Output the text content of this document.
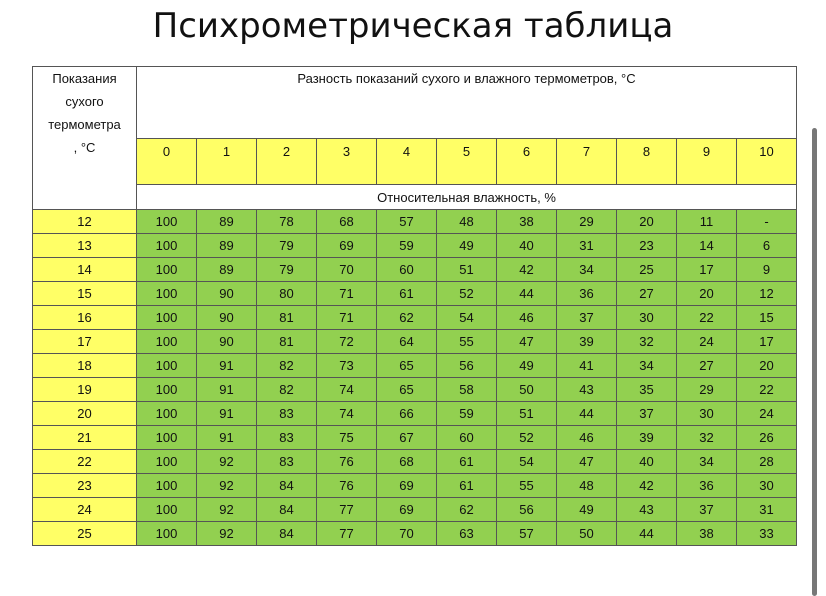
Психрометрическая таблица
Показания
сухого
термометра
, °C	Разность показаний сухого и влажного термометров, °C										
	0	1	2	3	4	5	6	7	8	9	10
	Относительная влажность, %										
12	100	89	78	68	57	48	38	29	20	11	-
13	100	89	79	69	59	49	40	31	23	14	6
14	100	89	79	70	60	51	42	34	25	17	9
15	100	90	80	71	61	52	44	36	27	20	12
16	100	90	81	71	62	54	46	37	30	22	15
17	100	90	81	72	64	55	47	39	32	24	17
18	100	91	82	73	65	56	49	41	34	27	20
19	100	91	82	74	65	58	50	43	35	29	22
20	100	91	83	74	66	59	51	44	37	30	24
21	100	91	83	75	67	60	52	46	39	32	26
22	100	92	83	76	68	61	54	47	40	34	28
23	100	92	84	76	69	61	55	48	42	36	30
24	100	92	84	77	69	62	56	49	43	37	31
25	100	92	84	77	70	63	57	50	44	38	33
